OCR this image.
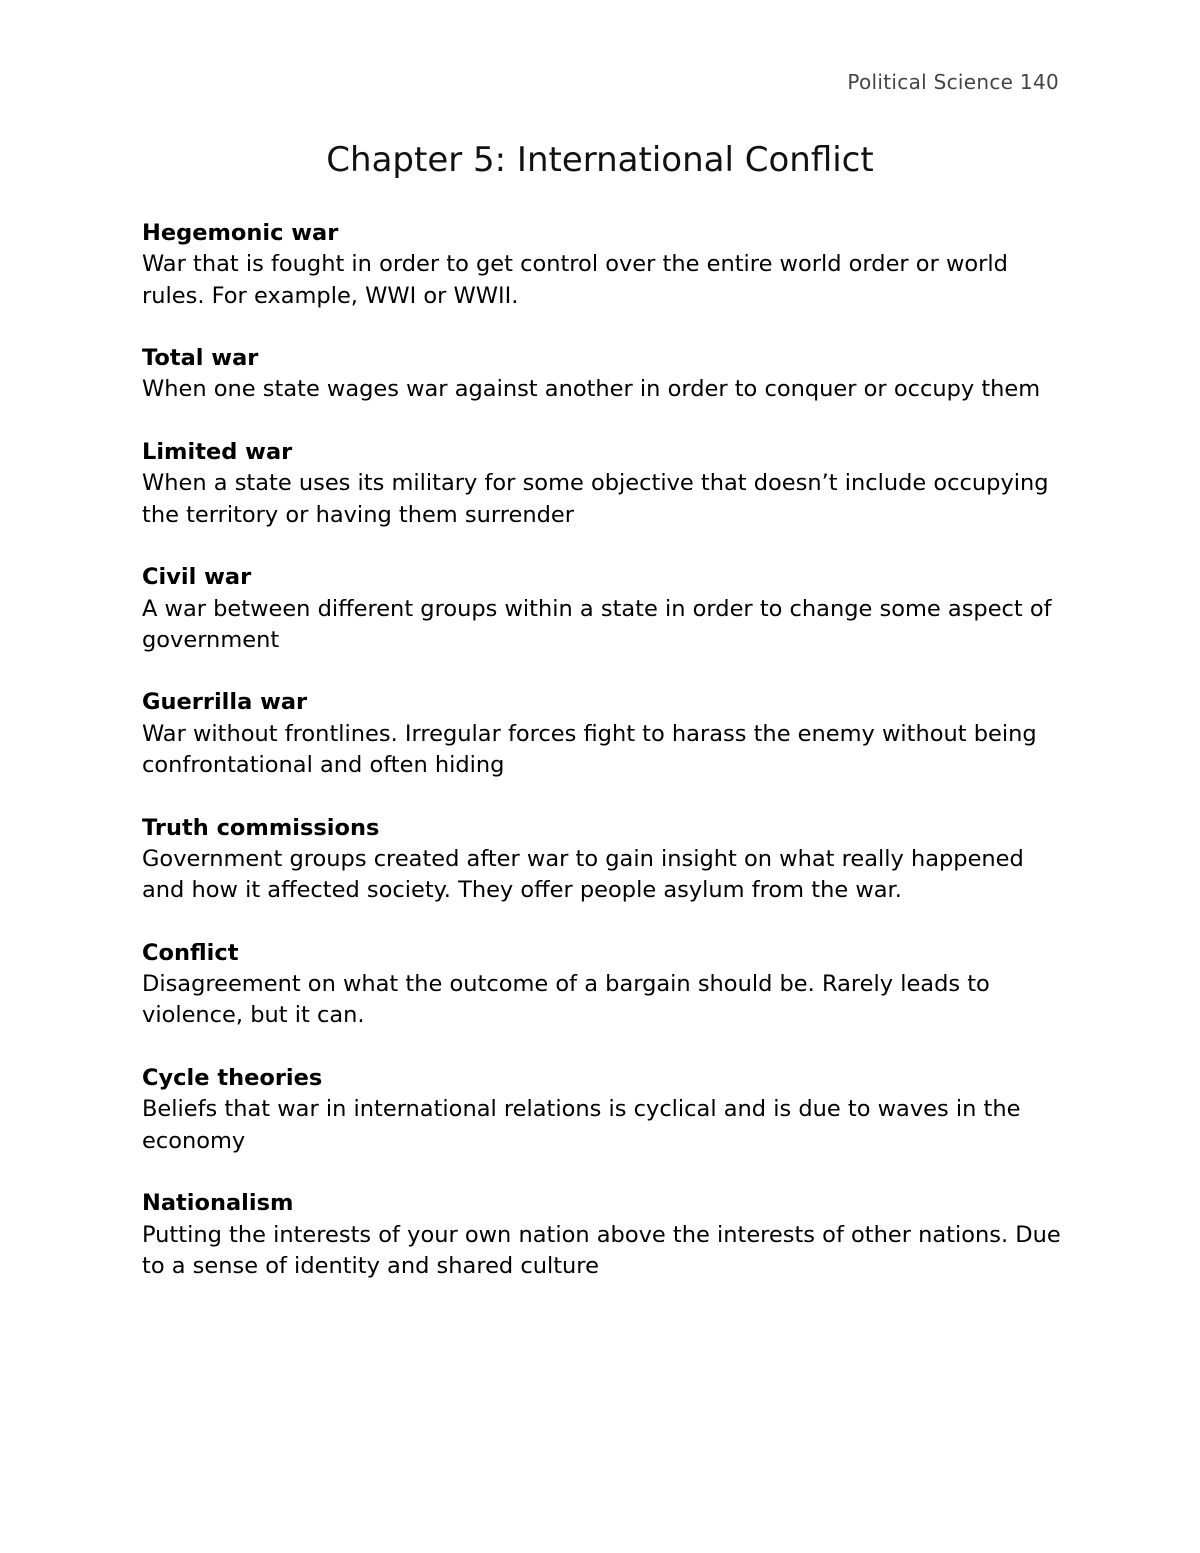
Political Science 140
Chapter 5: International Conflict
Hegemonic war
War that is fought in order to get control over the entire world order or world rules. For example, WWI or WWII.
Total war
When one state wages war against another in order to conquer or occupy them
Limited war
When a state uses its military for some objective that doesn’t include occupying the territory or having them surrender
Civil war
A war between different groups within a state in order to change some aspect of government
Guerrilla war
War without frontlines. Irregular forces fight to harass the enemy without being confrontational and often hiding
Truth commissions
Government groups created after war to gain insight on what really happened and how it affected society. They offer people asylum from the war.
Conflict
Disagreement on what the outcome of a bargain should be. Rarely leads to violence, but it can.
Cycle theories
Beliefs that war in international relations is cyclical and is due to waves in the economy
Nationalism
Putting the interests of your own nation above the interests of other nations. Due to a sense of identity and shared culture
